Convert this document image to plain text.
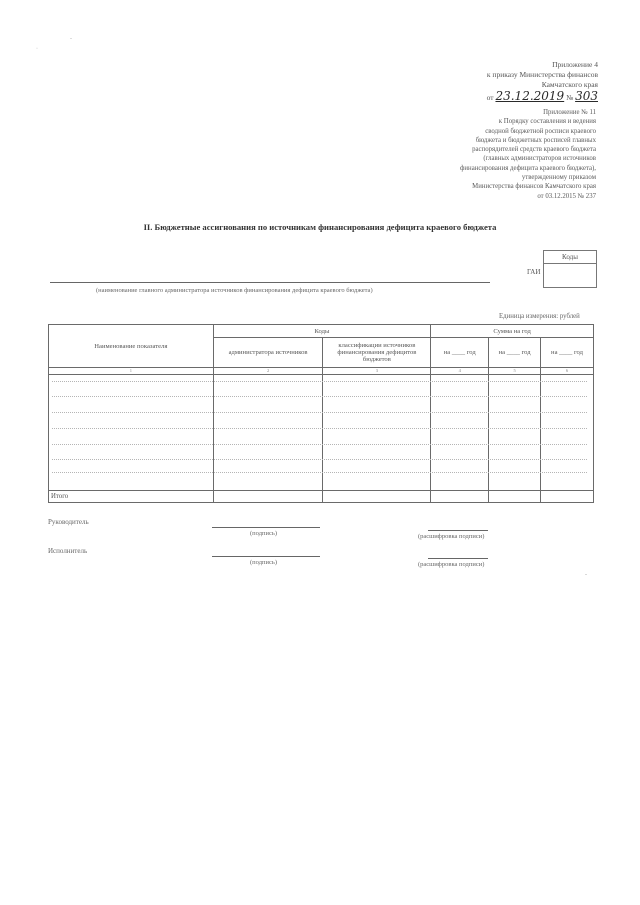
·
ˉ
Приложение 4
к приказу Министерства финансов
Камчатского края
от 23.12.2019 № 303
Приложение № 11
к Порядку составления и ведения
сводной бюджетной росписи краевого
бюджета и бюджетных росписей главных
распорядителей средств краевого бюджета
(главных администраторов источников
финансирования дефицита краевого бюджета),
утвержденному приказом
Министерства финансов Камчатского края
от 03.12.2015 № 237
II. Бюджетные ассигнования по источникам финансирования дефицита краевого бюджета
Коды
ГАИ
(наименование главного администратора источников финансирования дефицита краевого бюджета)
Единица измерения: рублей
Наименование показателя	Коды		Сумма на год		
	администратора источников	классификации источников финансирования дефицитов бюджетов	на ____ год	на ____ год	на ____ год
1	2	3	4	5	6

Итого					
Руководитель
(подпись)	(расшифровка подписи)
Исполнитель
(подпись)	(расшифровка подписи)
-
